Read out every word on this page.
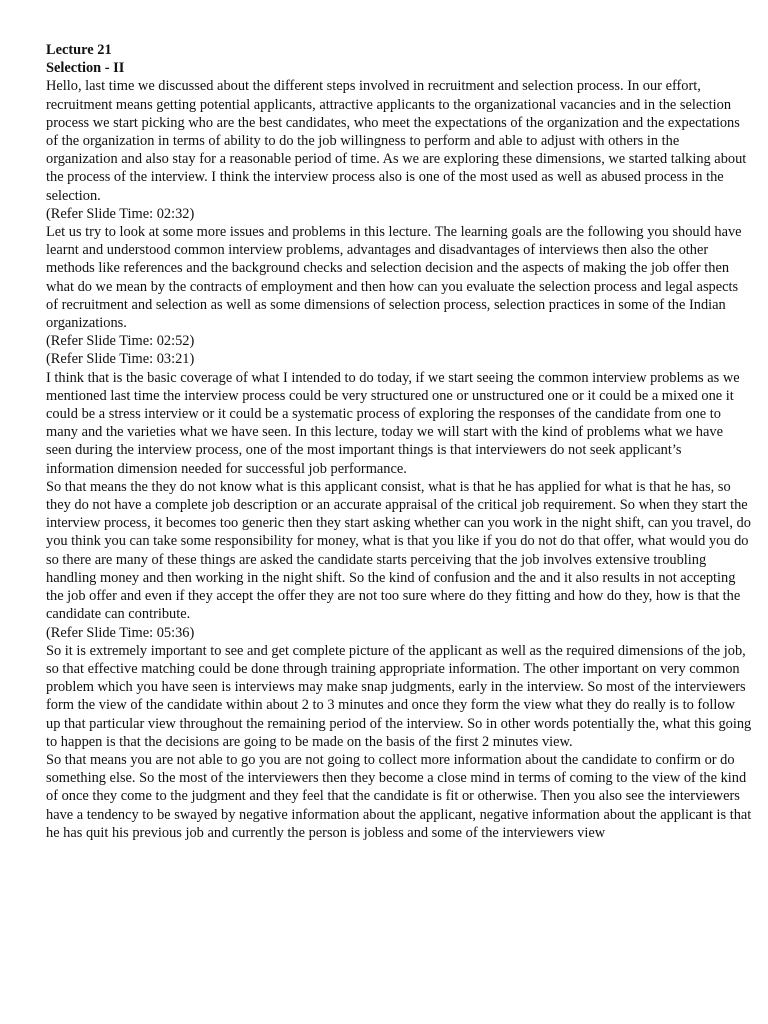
Lecture 21

Selection - II

Hello, last time we discussed about the different steps involved in recruitment and selection process. In our effort, recruitment means getting potential applicants, attractive applicants to the organizational vacancies and in the selection process we start picking who are the best candidates, who meet the expectations of the organization and the expectations of the organization in terms of ability to do the job willingness to perform and able to adjust with others in the organization and also stay for a reasonable period of time. As we are exploring these dimensions, we started talking about the process of the interview. I think the interview process also is one of the most used as well as abused process in the selection.

(Refer Slide Time: 02:32)

Let us try to look at some more issues and problems in this lecture. The learning goals are the following you should have learnt and understood common interview problems, advantages and disadvantages of interviews then also the other methods like references and the background checks and selection decision and the aspects of making the job offer then what do we mean by the contracts of employment and then how can you evaluate the selection process and legal aspects of recruitment and selection as well as some dimensions of selection process, selection practices in some of the Indian organizations.

(Refer Slide Time: 02:52)

(Refer Slide Time: 03:21)

I think that is the basic coverage of what I intended to do today, if we start seeing the common interview problems as we mentioned last time the interview process could be very structured one or unstructured one or it could be a mixed one it could be a stress interview or it could be a systematic process of exploring the responses of the candidate from one to many and the varieties what we have seen. In this lecture, today we will start with the kind of problems what we have seen during the interview process, one of the most important things is that interviewers do not seek applicant’s information dimension needed for successful job performance.

So that means the they do not know what is this applicant consist, what is that he has applied for what is that he has, so they do not have a complete job description or an accurate appraisal of the critical job requirement. So when they start the interview process, it becomes too generic then they start asking whether can you work in the night shift, can you travel, do you think you can take some responsibility for money, what is that you like if you do not do that offer, what would you do so there are many of these things are asked the candidate starts perceiving that the job involves extensive troubling handling money and then working in the night shift. So the kind of confusion and the and it also results in not accepting the job offer and even if they accept the offer they are not too sure where do they fitting and how do they, how is that the candidate can contribute.

(Refer Slide Time: 05:36)

So it is extremely important to see and get complete picture of the applicant as well as the required dimensions of the job, so that effective matching could be done through training appropriate information. The other important on very common problem which you have seen is interviews may make snap judgments, early in the interview. So most of the interviewers form the view of the candidate within about 2 to 3 minutes and once they form the view what they do really is to follow up that particular view throughout the remaining period of the interview. So in other words potentially the, what this going to happen is that the decisions are going to be made on the basis of the first 2 minutes view.

So that means you are not able to go you are not going to collect more information about the candidate to confirm or do something else. So the most of the interviewers then they become a close mind in terms of coming to the view of the kind of once they come to the judgment and they feel that the candidate is fit or otherwise. Then you also see the interviewers have a tendency to be swayed by negative information about the applicant, negative information about the applicant is that he has quit his previous job and currently the person is jobless and some of the interviewers view
